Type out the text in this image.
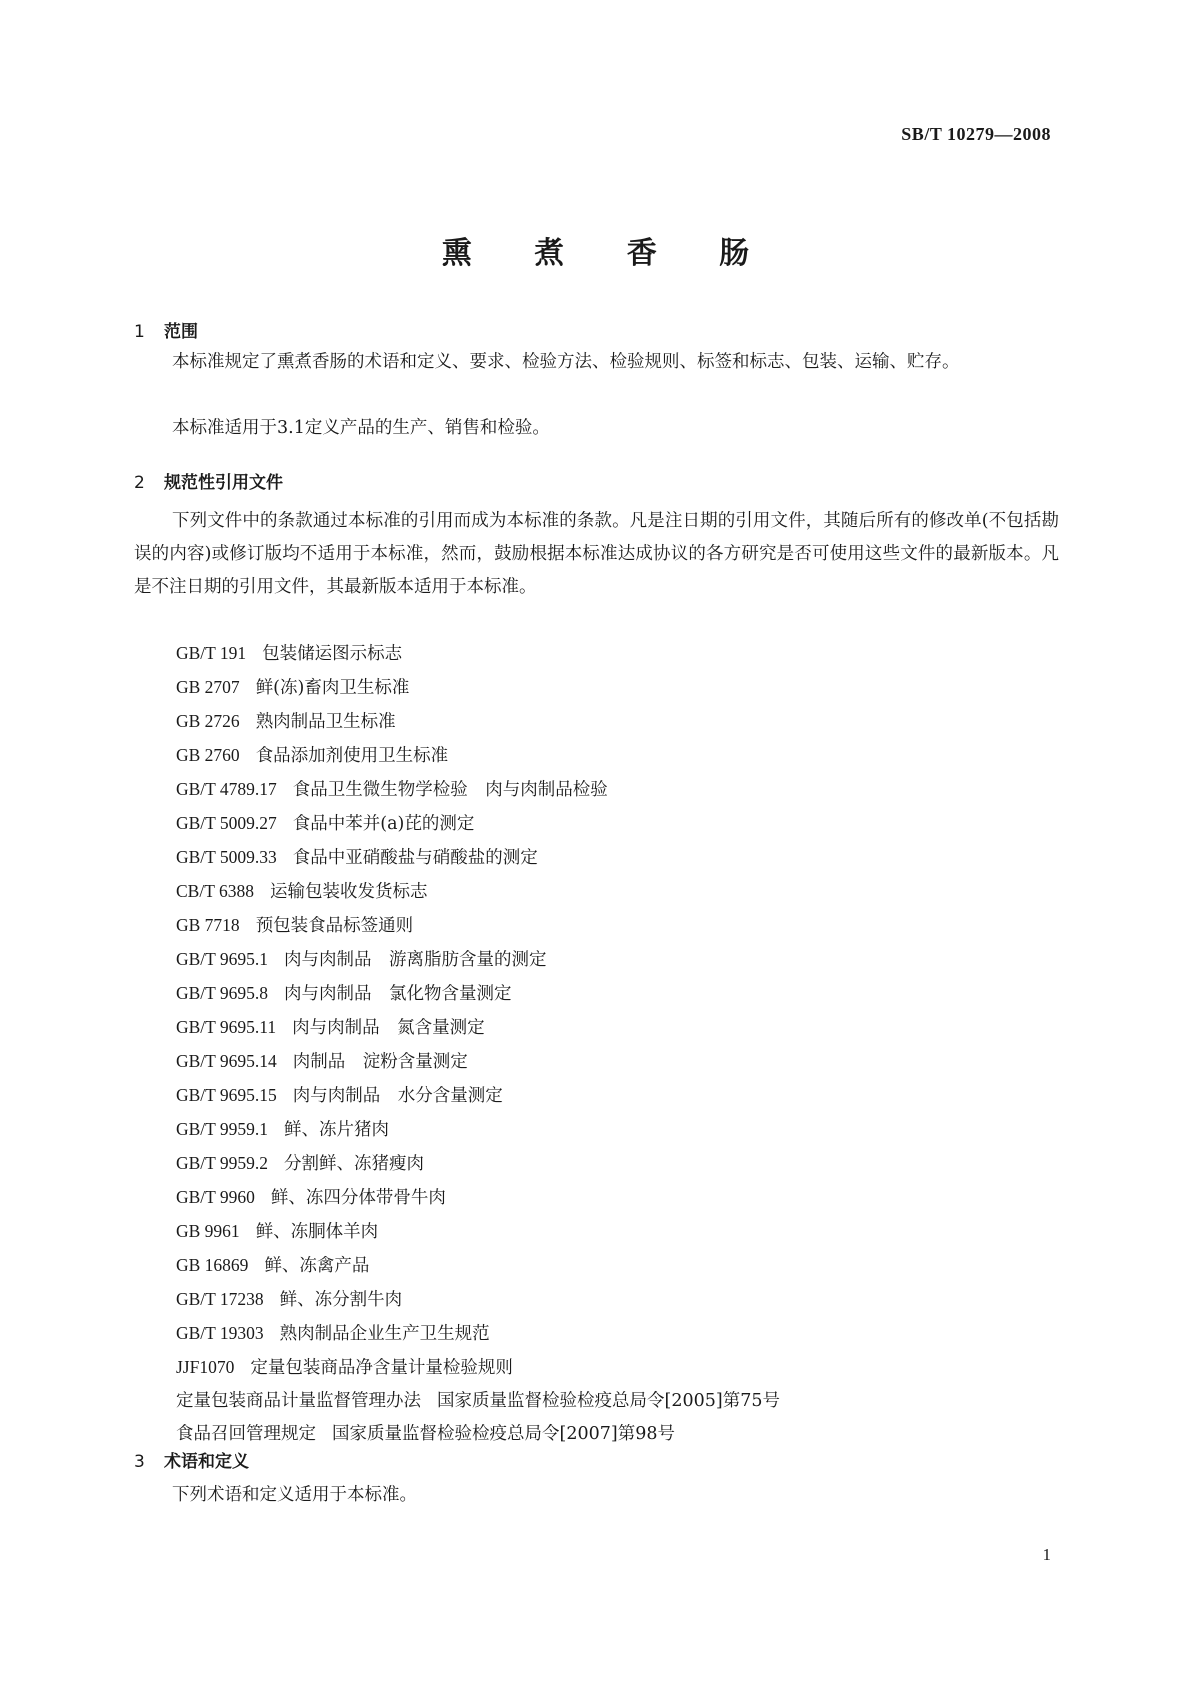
SB/T 10279—2008
熏 煮 香 肠
1 范围

本标准规定了熏煮香肠的术语和定义、要求、检验方法、检验规则、标签和标志、包装、运输、贮存。

本标准适用于3.1定义产品的生产、销售和检验。

2 规范性引用文件

下列文件中的条款通过本标准的引用而成为本标准的条款。凡是注日期的引用文件，其随后所有的修改单(不包括勘误的内容)或修订版均不适用于本标准，然而，鼓励根据本标准达成协议的各方研究是否可使用这些文件的最新版本。凡是不注日期的引用文件，其最新版本适用于本标准。

GB/T 191 包装储运图示标志
GB 2707 鲜(冻)畜肉卫生标准
GB 2726 熟肉制品卫生标准
GB 2760 食品添加剂使用卫生标准
GB/T 4789.17 食品卫生微生物学检验　肉与肉制品检验
GB/T 5009.27 食品中苯并(a)芘的测定
GB/T 5009.33 食品中亚硝酸盐与硝酸盐的测定
CB/T 6388 运输包装收发货标志
GB 7718 预包装食品标签通则
GB/T 9695.1 肉与肉制品　游离脂肪含量的测定
GB/T 9695.8 肉与肉制品　氯化物含量测定
GB/T 9695.11 肉与肉制品　氮含量测定
GB/T 9695.14 肉制品　淀粉含量测定
GB/T 9695.15 肉与肉制品　水分含量测定
GB/T 9959.1 鲜、冻片猪肉
GB/T 9959.2 分割鲜、冻猪瘦肉
GB/T 9960 鲜、冻四分体带骨牛肉
GB 9961 鲜、冻胴体羊肉
GB 16869 鲜、冻禽产品
GB/T 17238 鲜、冻分割牛肉
GB/T 19303 熟肉制品企业生产卫生规范
JJF1070 定量包装商品净含量计量检验规则
定量包装商品计量监督管理办法 国家质量监督检验检疫总局令[2005]第75号
食品召回管理规定 国家质量监督检验检疫总局令[2007]第98号
3 术语和定义

下列术语和定义适用于本标准。

1
